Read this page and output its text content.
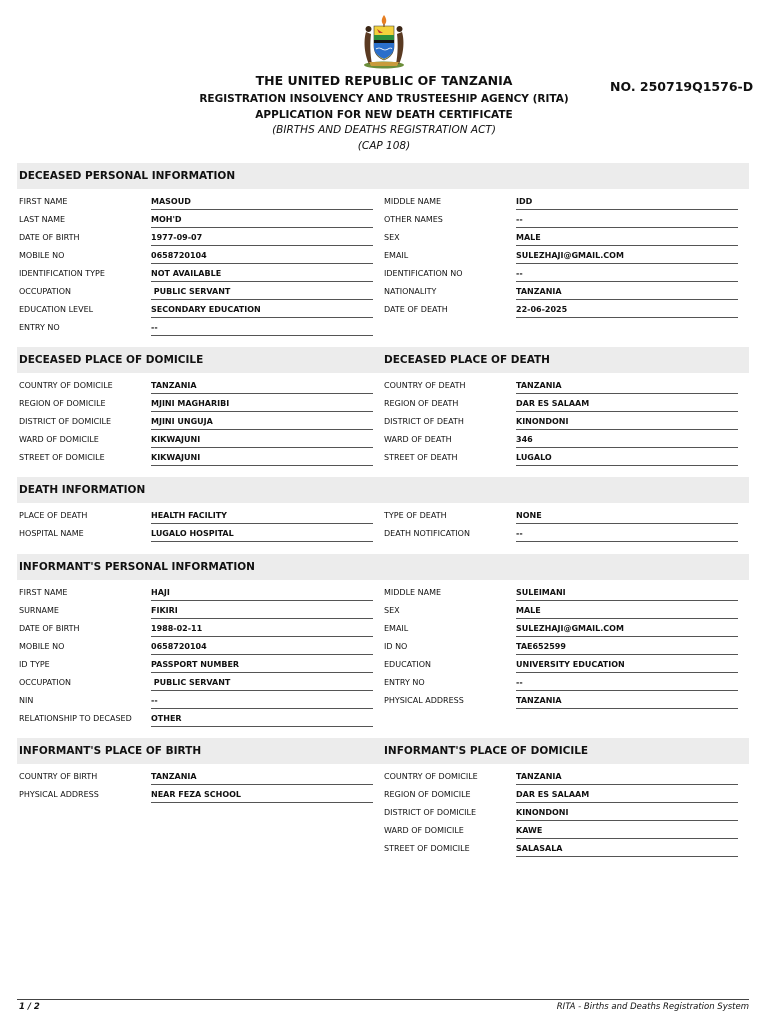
THE UNITED REPUBLIC OF TANZANIA
REGISTRATION INSOLVENCY AND TRUSTEESHIP AGENCY (RITA)
APPLICATION FOR NEW DEATH CERTIFICATE
(BIRTHS AND DEATHS REGISTRATION ACT)
(CAP 108)
NO. 250719Q1576-D
DECEASED PERSONAL INFORMATION
FIRST NAME	MASOUD
LAST NAME	MOH'D
DATE OF BIRTH	1977-09-07
MOBILE NO	0658720104
IDENTIFICATION TYPE	NOT AVAILABLE
OCCUPATION	PUBLIC SERVANT
EDUCATION LEVEL	SECONDARY EDUCATION
ENTRY NO	--
MIDDLE NAME	IDD
OTHER NAMES	--
SEX	MALE
EMAIL	SULEZHAJI@GMAIL.COM
IDENTIFICATION NO	--
NATIONALITY	TANZANIA
DATE OF DEATH	22-06-2025
DECEASED PLACE OF DOMICILE	DECEASED PLACE OF DEATH
COUNTRY OF DOMICILE	TANZANIA
REGION OF DOMICILE	MJINI MAGHARIBI
DISTRICT OF DOMICILE	MJINI UNGUJA
WARD OF DOMICILE	KIKWAJUNI
STREET OF DOMICILE	KIKWAJUNI
COUNTRY OF DEATH	TANZANIA
REGION OF DEATH	DAR ES SALAAM
DISTRICT OF DEATH	KINONDONI
WARD OF DEATH	346
STREET OF DEATH	LUGALO
DEATH INFORMATION
PLACE OF DEATH	HEALTH FACILITY
HOSPITAL NAME	LUGALO HOSPITAL
TYPE OF DEATH	NONE
DEATH NOTIFICATION	--
INFORMANT'S PERSONAL INFORMATION
FIRST NAME	HAJI
SURNAME	FIKIRI
DATE OF BIRTH	1988-02-11
MOBILE NO	0658720104
ID TYPE	PASSPORT NUMBER
OCCUPATION	PUBLIC SERVANT
NIN	--
RELATIONSHIP TO DECASED OTHER
MIDDLE NAME	SULEIMANI
SEX	MALE
EMAIL	SULEZHAJI@GMAIL.COM
ID NO	TAE652599
EDUCATION	UNIVERSITY EDUCATION
ENTRY NO	--
PHYSICAL ADDRESS	TANZANIA
INFORMANT'S PLACE OF BIRTH	INFORMANT'S PLACE OF DOMICILE
COUNTRY OF BIRTH	TANZANIA
PHYSICAL ADDRESS	NEAR FEZA SCHOOL
COUNTRY OF DOMICILE	TANZANIA
REGION OF DOMICILE	DAR ES SALAAM
DISTRICT OF DOMICILE	KINONDONI
WARD OF DOMICILE	KAWE
STREET OF DOMICILE	SALASALA
1 / 2	RITA - Births and Deaths Registration System
